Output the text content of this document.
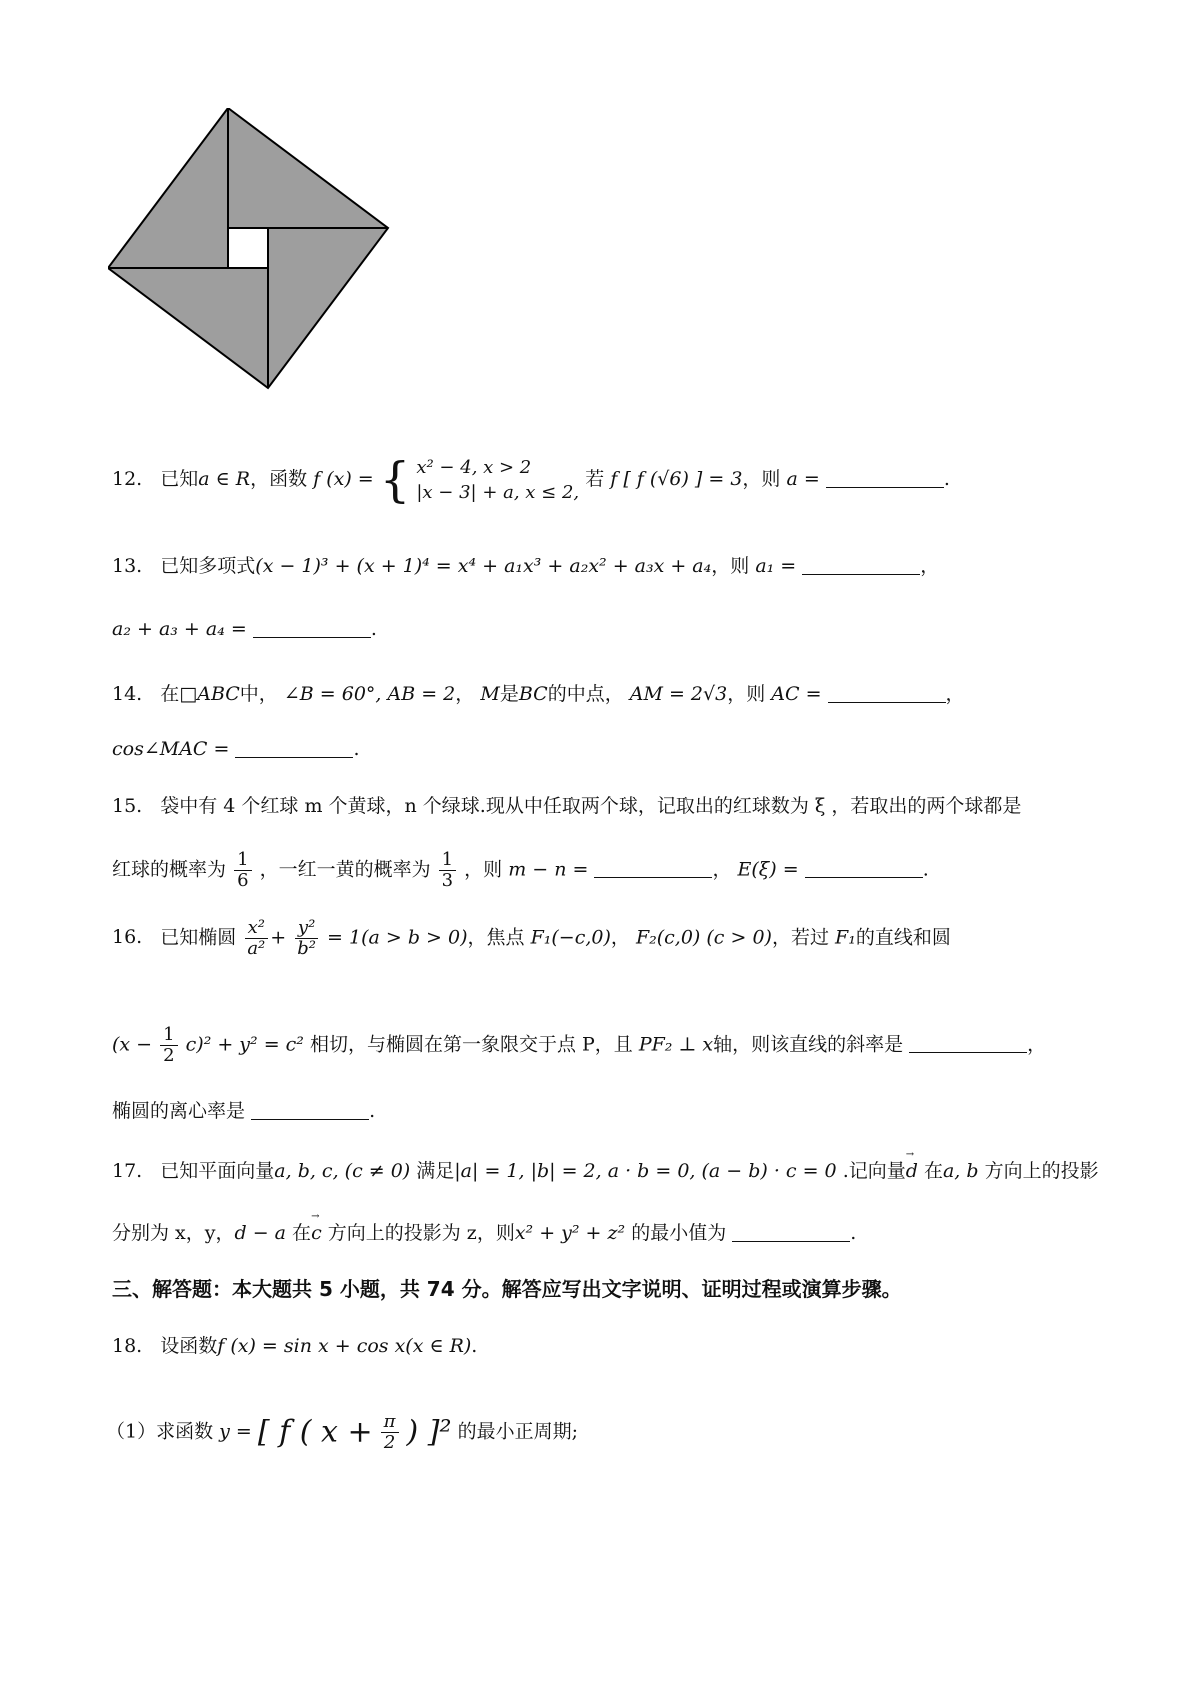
12. 已知a ∈ R，函数 f (x) = { x² − 4, x > 2
|x − 3| + a, x ≤ 2,
若 f [ f (√6) ] = 3，则 a =	.
13. 已知多项式(x − 1)³ + (x + 1)⁴ = x⁴ + a₁x³ + a₂x² + a₃x + a₄，则 a₁ =	，
a₂ + a₃ + a₄ =	.
14. 在□ABC中， ∠B = 60°, AB = 2， M是BC的中点， AM = 2√3，则 AC =	，
cos∠MAC =	.
15. 袋中有 4 个红球 m 个黄球，n 个绿球.现从中任取两个球，记取出的红球数为 ξ ，若取出的两个球都是
红球的概率为 $\frac{1}{6}$ ，一红一黄的概率为 $\frac{1}{3}$ ，则 m − n =	， E(ξ) =	.
16. 已知椭圆 $\frac{\text{x²}}{\text{a²}} + \frac{\text{y²}}{\text{b²}} = 1(a > b > 0)$，焦点 F₁(−c,0)， F₂(c,0) (c > 0)，若过 F₁的直线和圆
$(x - \frac{1}{2} c)^2 + y^2 = c^2$ 相切，与椭圆在第一象限交于点 P，且 PF₂ ⊥ x轴，则该直线的斜率是	，
椭圆的离心率是	.
17. 已知平面向量a, b, c, (c ≠ 0) 满足|a| = 1, |b| = 2, a · b = 0, (a − b) · c = 0 .记向量→ d 在a, b 方向上的投影
分别为 x，y，d − a 在→ c 方向上的投影为 z，则x² + y² + z² 的最小值为	.
三、解答题：本大题共 5 小题，共 74 分。解答应写出文字说明、证明过程或演算步骤。
18. 设函数f (x) = sin x + cos x(x ∈ R).
（1）求函数 y = [ f ( $x + \frac{\pi}{2}$ ) ]² 的最小正周期;
